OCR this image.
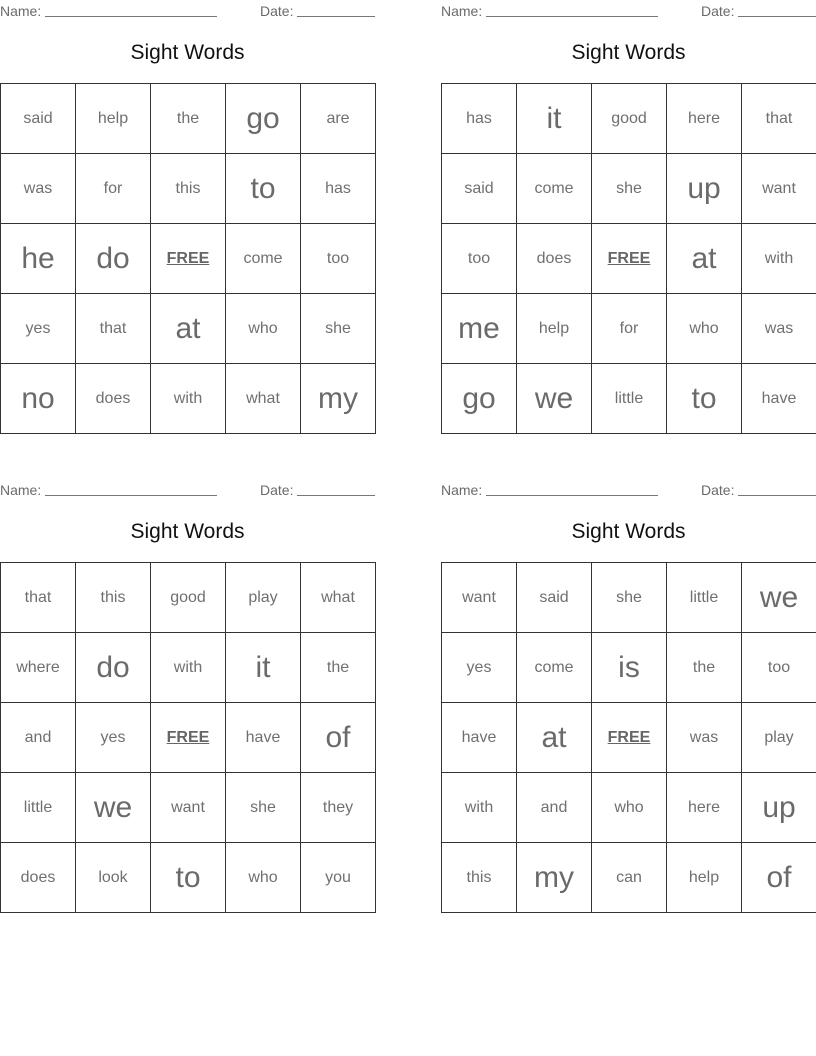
Name:	Date:
Sight Words
said	help	the	go	are
was	for	this	to	has
he	do	FREE	come	too
yes	that	at	who	she
no	does	with	what	my
Name:	Date:
Sight Words
has	it	good	here	that
said	come	she	up	want
too	does	FREE	at	with
me	help	for	who	was
go	we	little	to	have
Name:	Date:
Sight Words
that	this	good	play	what
where	do	with	it	the
and	yes	FREE	have	of
little	we	want	she	they
does	look	to	who	you
Name:	Date:
Sight Words
want	said	she	little	we
yes	come	is	the	too
have	at	FREE	was	play
with	and	who	here	up
this	my	can	help	of
